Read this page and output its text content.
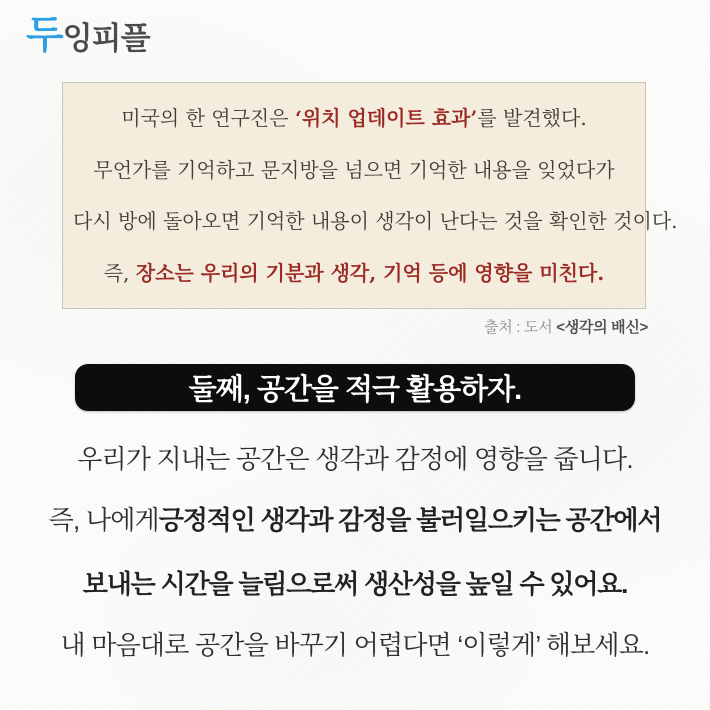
두 잉피플
미국의 한 연구진은 ‘위치 업데이트 효과’를 발견했다.
무언가를 기억하고 문지방을 넘으면 기억한 내용을 잊었다가
다시 방에 돌아오면 기억한 내용이 생각이 난다는 것을 확인한 것이다.
즉, 장소는 우리의 기분과 생각, 기억 등에 영향을 미친다.
출처 : 도서 <생각의 배신>
둘째, 공간을 적극 활용하자.
우리가 지내는 공간은 생각과 감정에 영향을 줍니다.
즉, 나에게 긍정적인 생각과 감정을 불러일으키는 공간에서
보내는 시간을 늘림으로써 생산성을 높일 수 있어요.
내 마음대로 공간을 바꾸기 어렵다면 ‘이렇게’ 해보세요.
